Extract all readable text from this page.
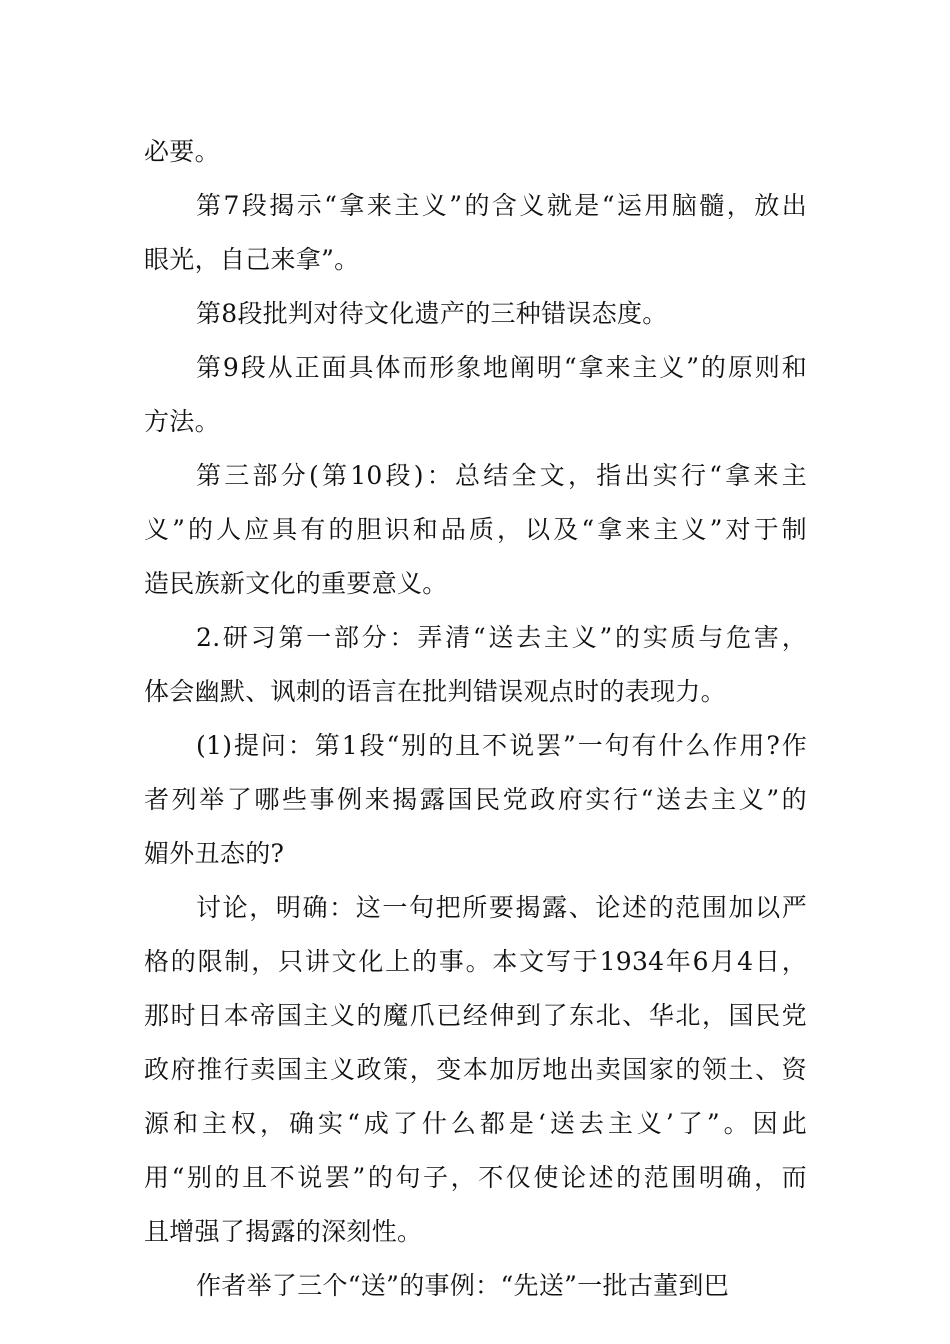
必要。
第7段揭示“拿来主义”的含义就是“运用脑髓，放出
眼光，自己来拿”。
第8段批判对待文化遗产的三种错误态度。
第9段从正面具体而形象地阐明“拿来主义”的原则和
方法。
第三部分(第10段)：总结全文，指出实行“拿来主
义”的人应具有的胆识和品质，以及“拿来主义”对于制
造民族新文化的重要意义。
2.研习第一部分：弄清“送去主义”的实质与危害，
体会幽默、讽刺的语言在批判错误观点时的表现力。
(1)提问：第1段“别的且不说罢”一句有什么作用?作
者列举了哪些事例来揭露国民党政府实行“送去主义”的
媚外丑态的?
讨论，明确：这一句把所要揭露、论述的范围加以严
格的限制，只讲文化上的事。本文写于1934年6月4日，
那时日本帝国主义的魔爪已经伸到了东北、华北，国民党
政府推行卖国主义政策，变本加厉地出卖国家的领土、资
源和主权，确实“成了什么都是‘送去主义’了”。因此
用“别的且不说罢”的句子，不仅使论述的范围明确，而
且增强了揭露的深刻性。
作者举了三个“送”的事例：“先送”一批古董到巴
